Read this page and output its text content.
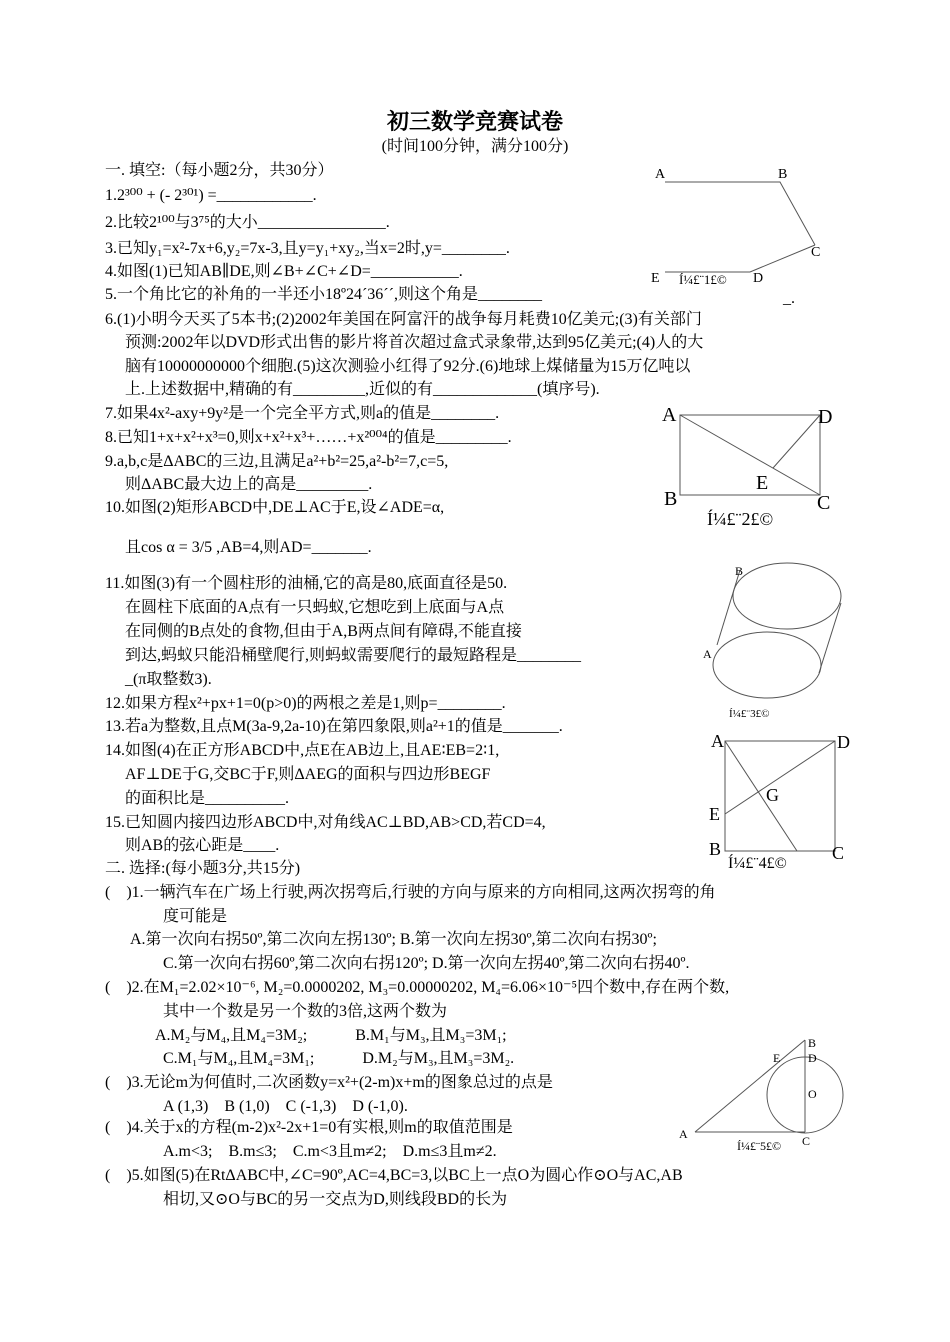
初三数学竞赛试卷
(时间100分钟，满分100分)
一. 填空:（每小题2分，共30分）
1.2³⁰⁰ + (- 2³⁰¹) =____________.
2.比较2¹⁰⁰与3⁷⁵的大小________________.
3.已知y₁=x²-7x+6,y₂=7x-3,且y=y₁+xy₂,当x=2时,y=________.
4.如图(1)已知AB∥DE,则∠B+∠C+∠D=___________.
5.一个角比它的补角的一半还小18º24ˊ36ˊˊ,则这个角是________	_.
6.(1)小明今天买了5本书;(2)2002年美国在阿富汗的战争每月耗费10亿美元;(3)有关部门
预测:2002年以DVD形式出售的影片将首次超过盒式录象带,达到95亿美元;(4)人的大
脑有10000000000个细胞.(5)这次测验小红得了92分.(6)地球上煤储量为15万亿吨以
上.上述数据中,精确的有_________,近似的有_____________(填序号).
7.如果4x²-axy+9y²是一个完全平方式,则a的值是________.
8.已知1+x+x²+x³=0,则x+x²+x³+……+x²⁰⁰⁴的值是_________.
9.a,b,c是ΔABC的三边,且满足a²+b²=25,a²-b²=7,c=5,
则ΔABC最大边上的高是_________.
10.如图(2)矩形ABCD中,DE⊥AC于E,设∠ADE=α,
且cos α = 3/5 ,AB=4,则AD=_______.
11.如图(3)有一个圆柱形的油桶,它的高是80,底面直径是50.
在圆柱下底面的A点有一只蚂蚁,它想吃到上底面与A点
在同侧的B点处的食物,但由于A,B两点间有障碍,不能直接
到达,蚂蚁只能沿桶壁爬行,则蚂蚁需要爬行的最短路程是________
_(π取整数3).
12.如果方程x²+px+1=0(p>0)的两根之差是1,则p=________.
13.若a为整数,且点M(3a-9,2a-10)在第四象限,则a²+1的值是_______.
14.如图(4)在正方形ABCD中,点E在AB边上,且AE∶EB=2∶1,
AF⊥DE于G,交BC于F,则ΔAEG的面积与四边形BEGF
的面积比是__________.
15.已知圆内接四边形ABCD中,对角线AC⊥BD,AB>CD,若CD=4,
则AB的弦心距是____.
二. 选择:(每小题3分,共15分)
(　)1.一辆汽车在广场上行驶,两次拐弯后,行驶的方向与原来的方向相同,这两次拐弯的角
度可能是
A.第一次向右拐50º,第二次向左拐130º; B.第一次向左拐30º,第二次向右拐30º;
C.第一次向右拐60º,第二次向右拐120º; D.第一次向左拐40º,第二次向右拐40º.
(　)2.在M₁=2.02×10⁻⁶, M₂=0.0000202, M₃=0.00000202, M₄=6.06×10⁻⁵四个数中,存在两个数,
其中一个数是另一个数的3倍,这两个数为
A.M₂与M₄,且M₄=3M₂;　　　B.M₁与M₃,且M₃=3M₁;
C.M₁与M₄,且M₄=3M₁;　　　D.M₂与M₃,且M₃=3M₂.
(　)3.无论m为何值时,二次函数y=x²+(2-m)x+m的图象总过的点是
A (1,3)　B (1,0)　C (-1,3)　D (-1,0).
(　)4.关于x的方程(m-2)x²-2x+1=0有实根,则m的取值范围是
A.m<3;　B.m≤3;　C.m<3且m≠2;　D.m≤3且m≠2.
(　)5.如图(5)在RtΔABC中,∠C=90º,AC=4,BC=3,以BC上一点O为圆心作⊙O与AC,AB
相切,又⊙O与BC的另一交点为D,则线段BD的长为
A	B
C
E	D
Í¼£¨1£©
A	D
B	C
E
Í¼£¨2£©
B
A
Í¼£¨3£©
A	D
G
E
B	C
Í¼£¨4£©
B
D
E
O
A	C
Í¼£¨5£©
